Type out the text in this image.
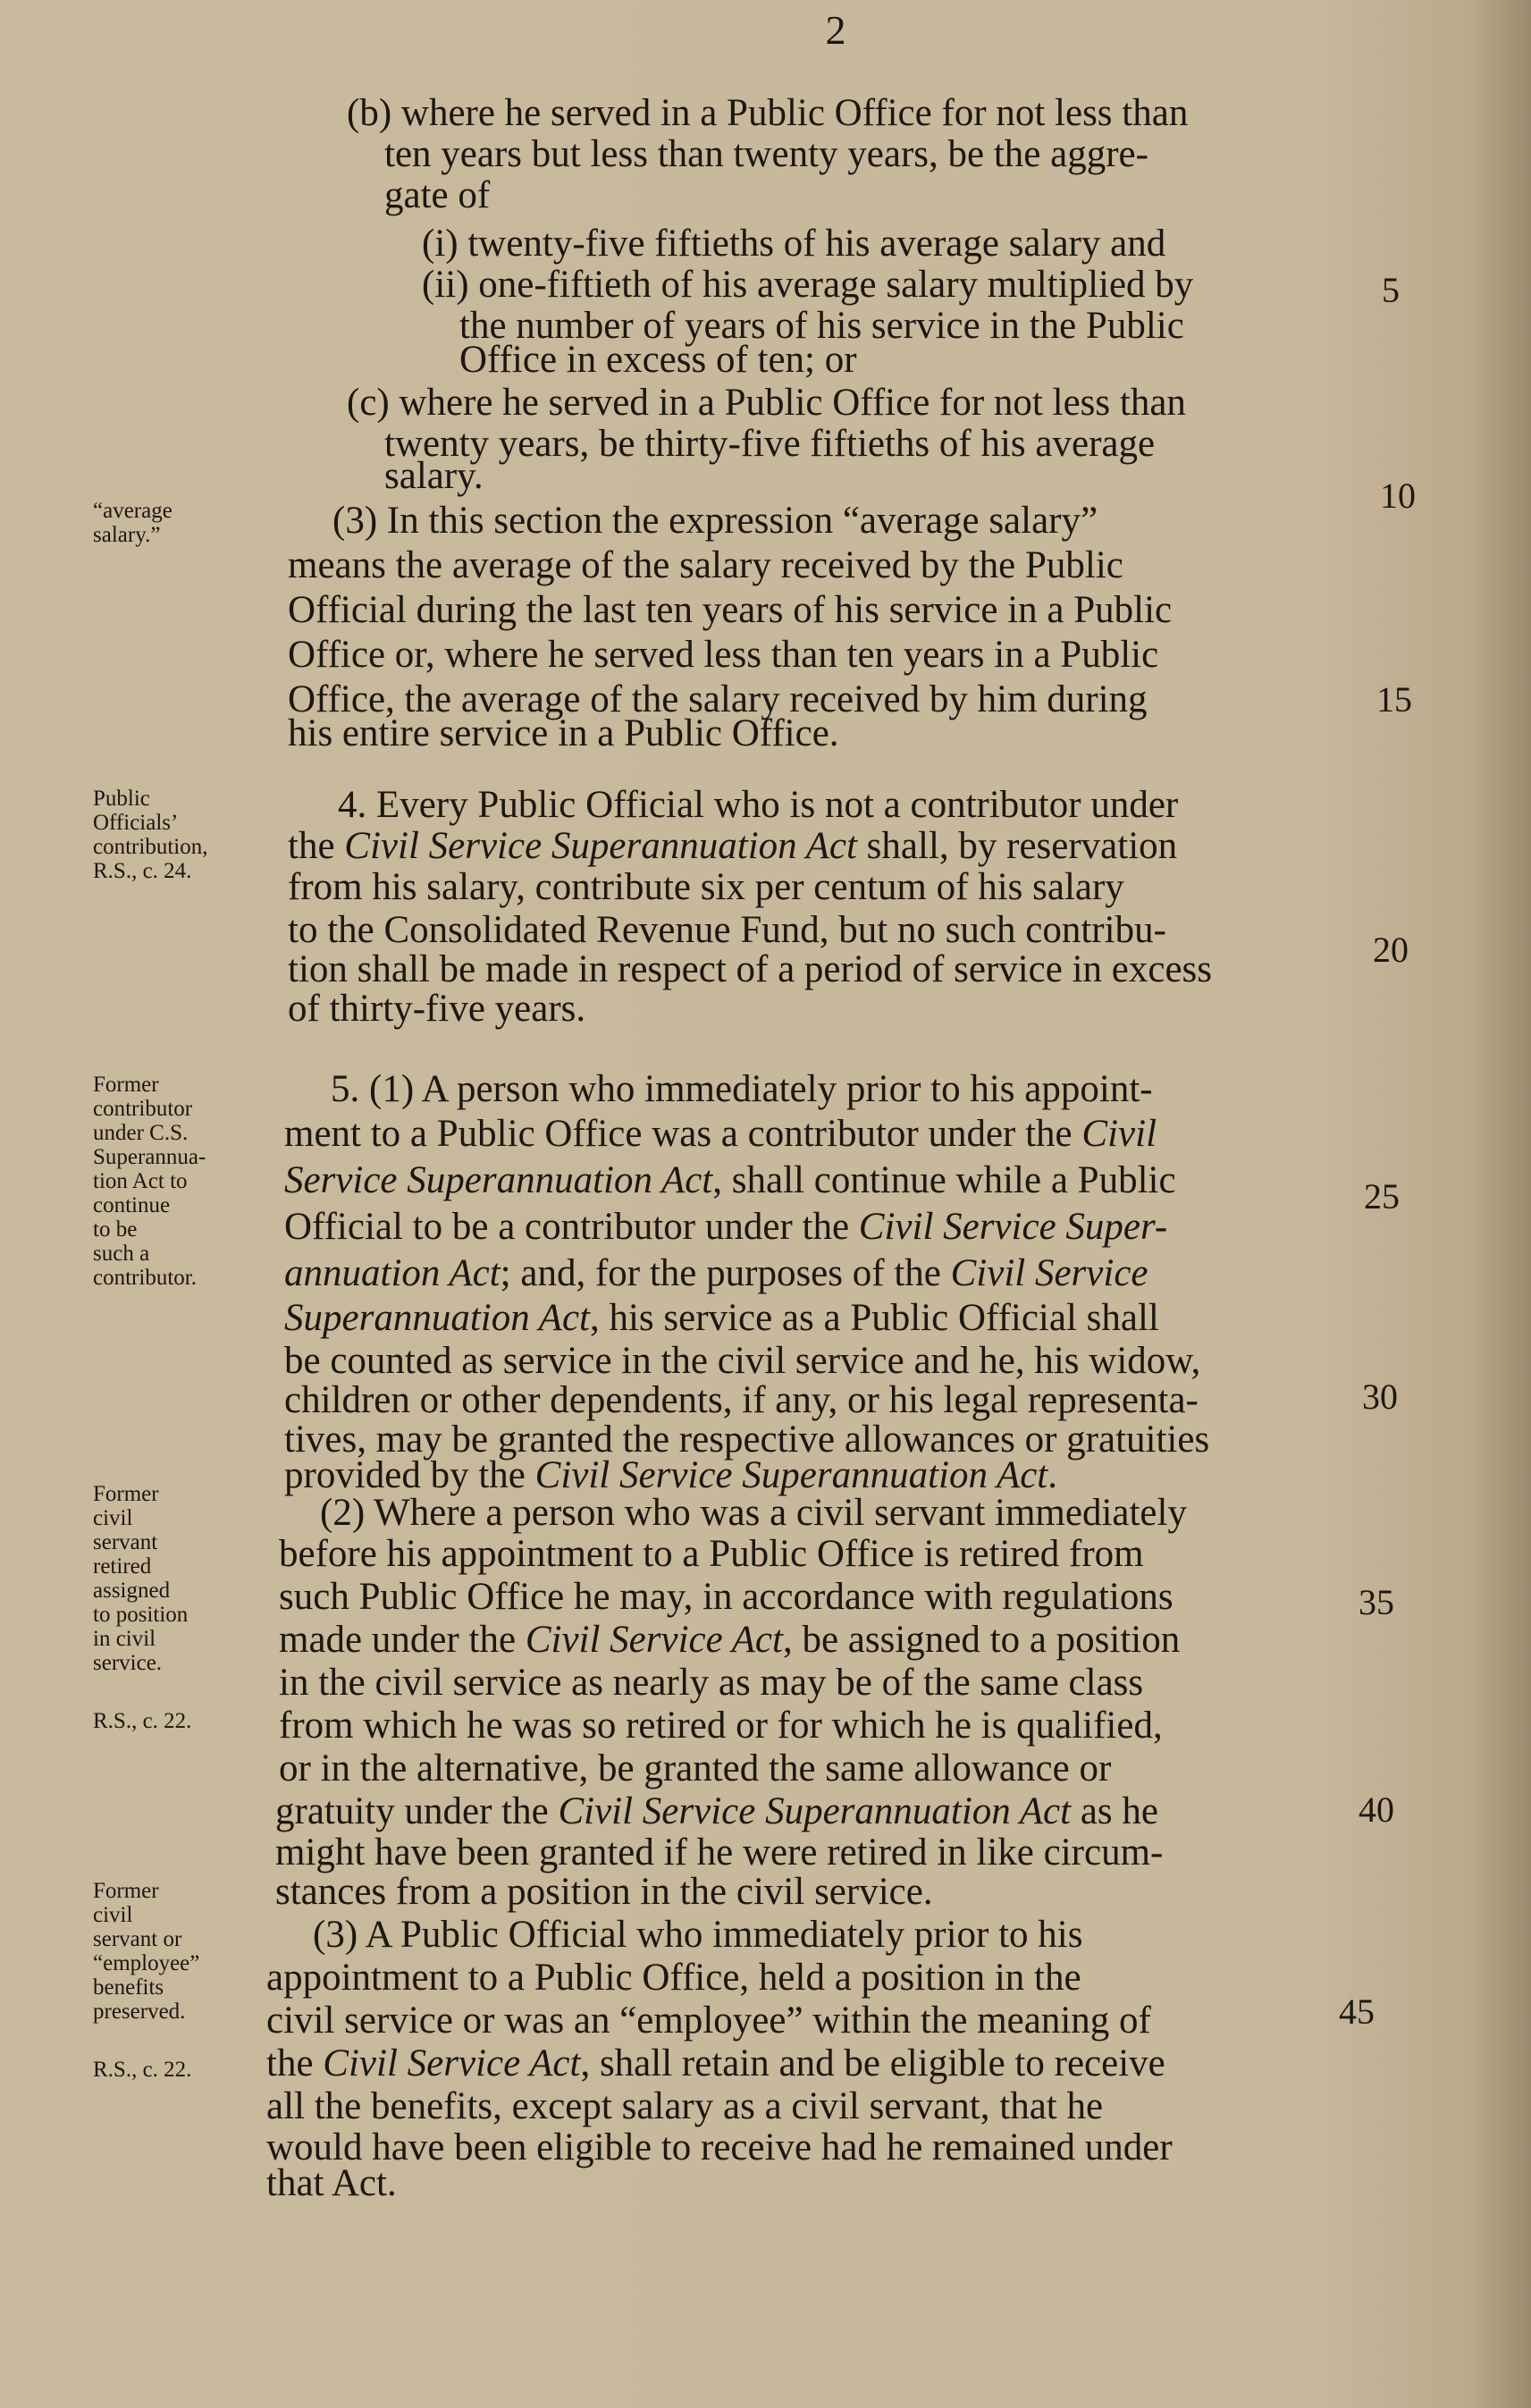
2
(b) where he served in a Public Office for not less than
ten years but less than twenty years, be the aggre-
gate of
(i) twenty-five fiftieths of his average salary and
(ii) one-fiftieth of his average salary multiplied by
the number of years of his service in the Public
Office in excess of ten; or
(c) where he served in a Public Office for not less than
twenty years, be thirty-five fiftieths of his average
salary.
(3) In this section the expression “average salary”
means the average of the salary received by the Public
Official during the last ten years of his service in a Public
Office or, where he served less than ten years in a Public
Office, the average of the salary received by him during
his entire service in a Public Office.
4. Every Public Official who is not a contributor under
the Civil Service Superannuation Act shall, by reservation
from his salary, contribute six per centum of his salary
to the Consolidated Revenue Fund, but no such contribu-
tion shall be made in respect of a period of service in excess
of thirty-five years.
5. (1) A person who immediately prior to his appoint-
ment to a Public Office was a contributor under the Civil
Service Superannuation Act, shall continue while a Public
Official to be a contributor under the Civil Service Super-
annuation Act; and, for the purposes of the Civil Service
Superannuation Act, his service as a Public Official shall
be counted as service in the civil service and he, his widow,
children or other dependents, if any, or his legal representa-
tives, may be granted the respective allowances or gratuities
provided by the Civil Service Superannuation Act.
(2) Where a person who was a civil servant immediately
before his appointment to a Public Office is retired from
such Public Office he may, in accordance with regulations
made under the Civil Service Act, be assigned to a position
in the civil service as nearly as may be of the same class
from which he was so retired or for which he is qualified,
or in the alternative, be granted the same allowance or
gratuity under the Civil Service Superannuation Act as he
might have been granted if he were retired in like circum-
stances from a position in the civil service.
(3) A Public Official who immediately prior to his
appointment to a Public Office, held a position in the
civil service or was an “employee” within the meaning of
the Civil Service Act, shall retain and be eligible to receive
all the benefits, except salary as a civil servant, that he
would have been eligible to receive had he remained under
that Act.
“average
salary.”
Public
Officials’
contribution,
R.S., c. 24.
Former
contributor
under C.S.
Superannua-
tion Act to
continue
to be
such a
contributor.
Former
civil
servant
retired
assigned
to position
in civil
service.
R.S., c. 22.
Former
civil
servant or
“employee”
benefits
preserved.
R.S., c. 22.
5
10
15
20
25
30
35
40
45
